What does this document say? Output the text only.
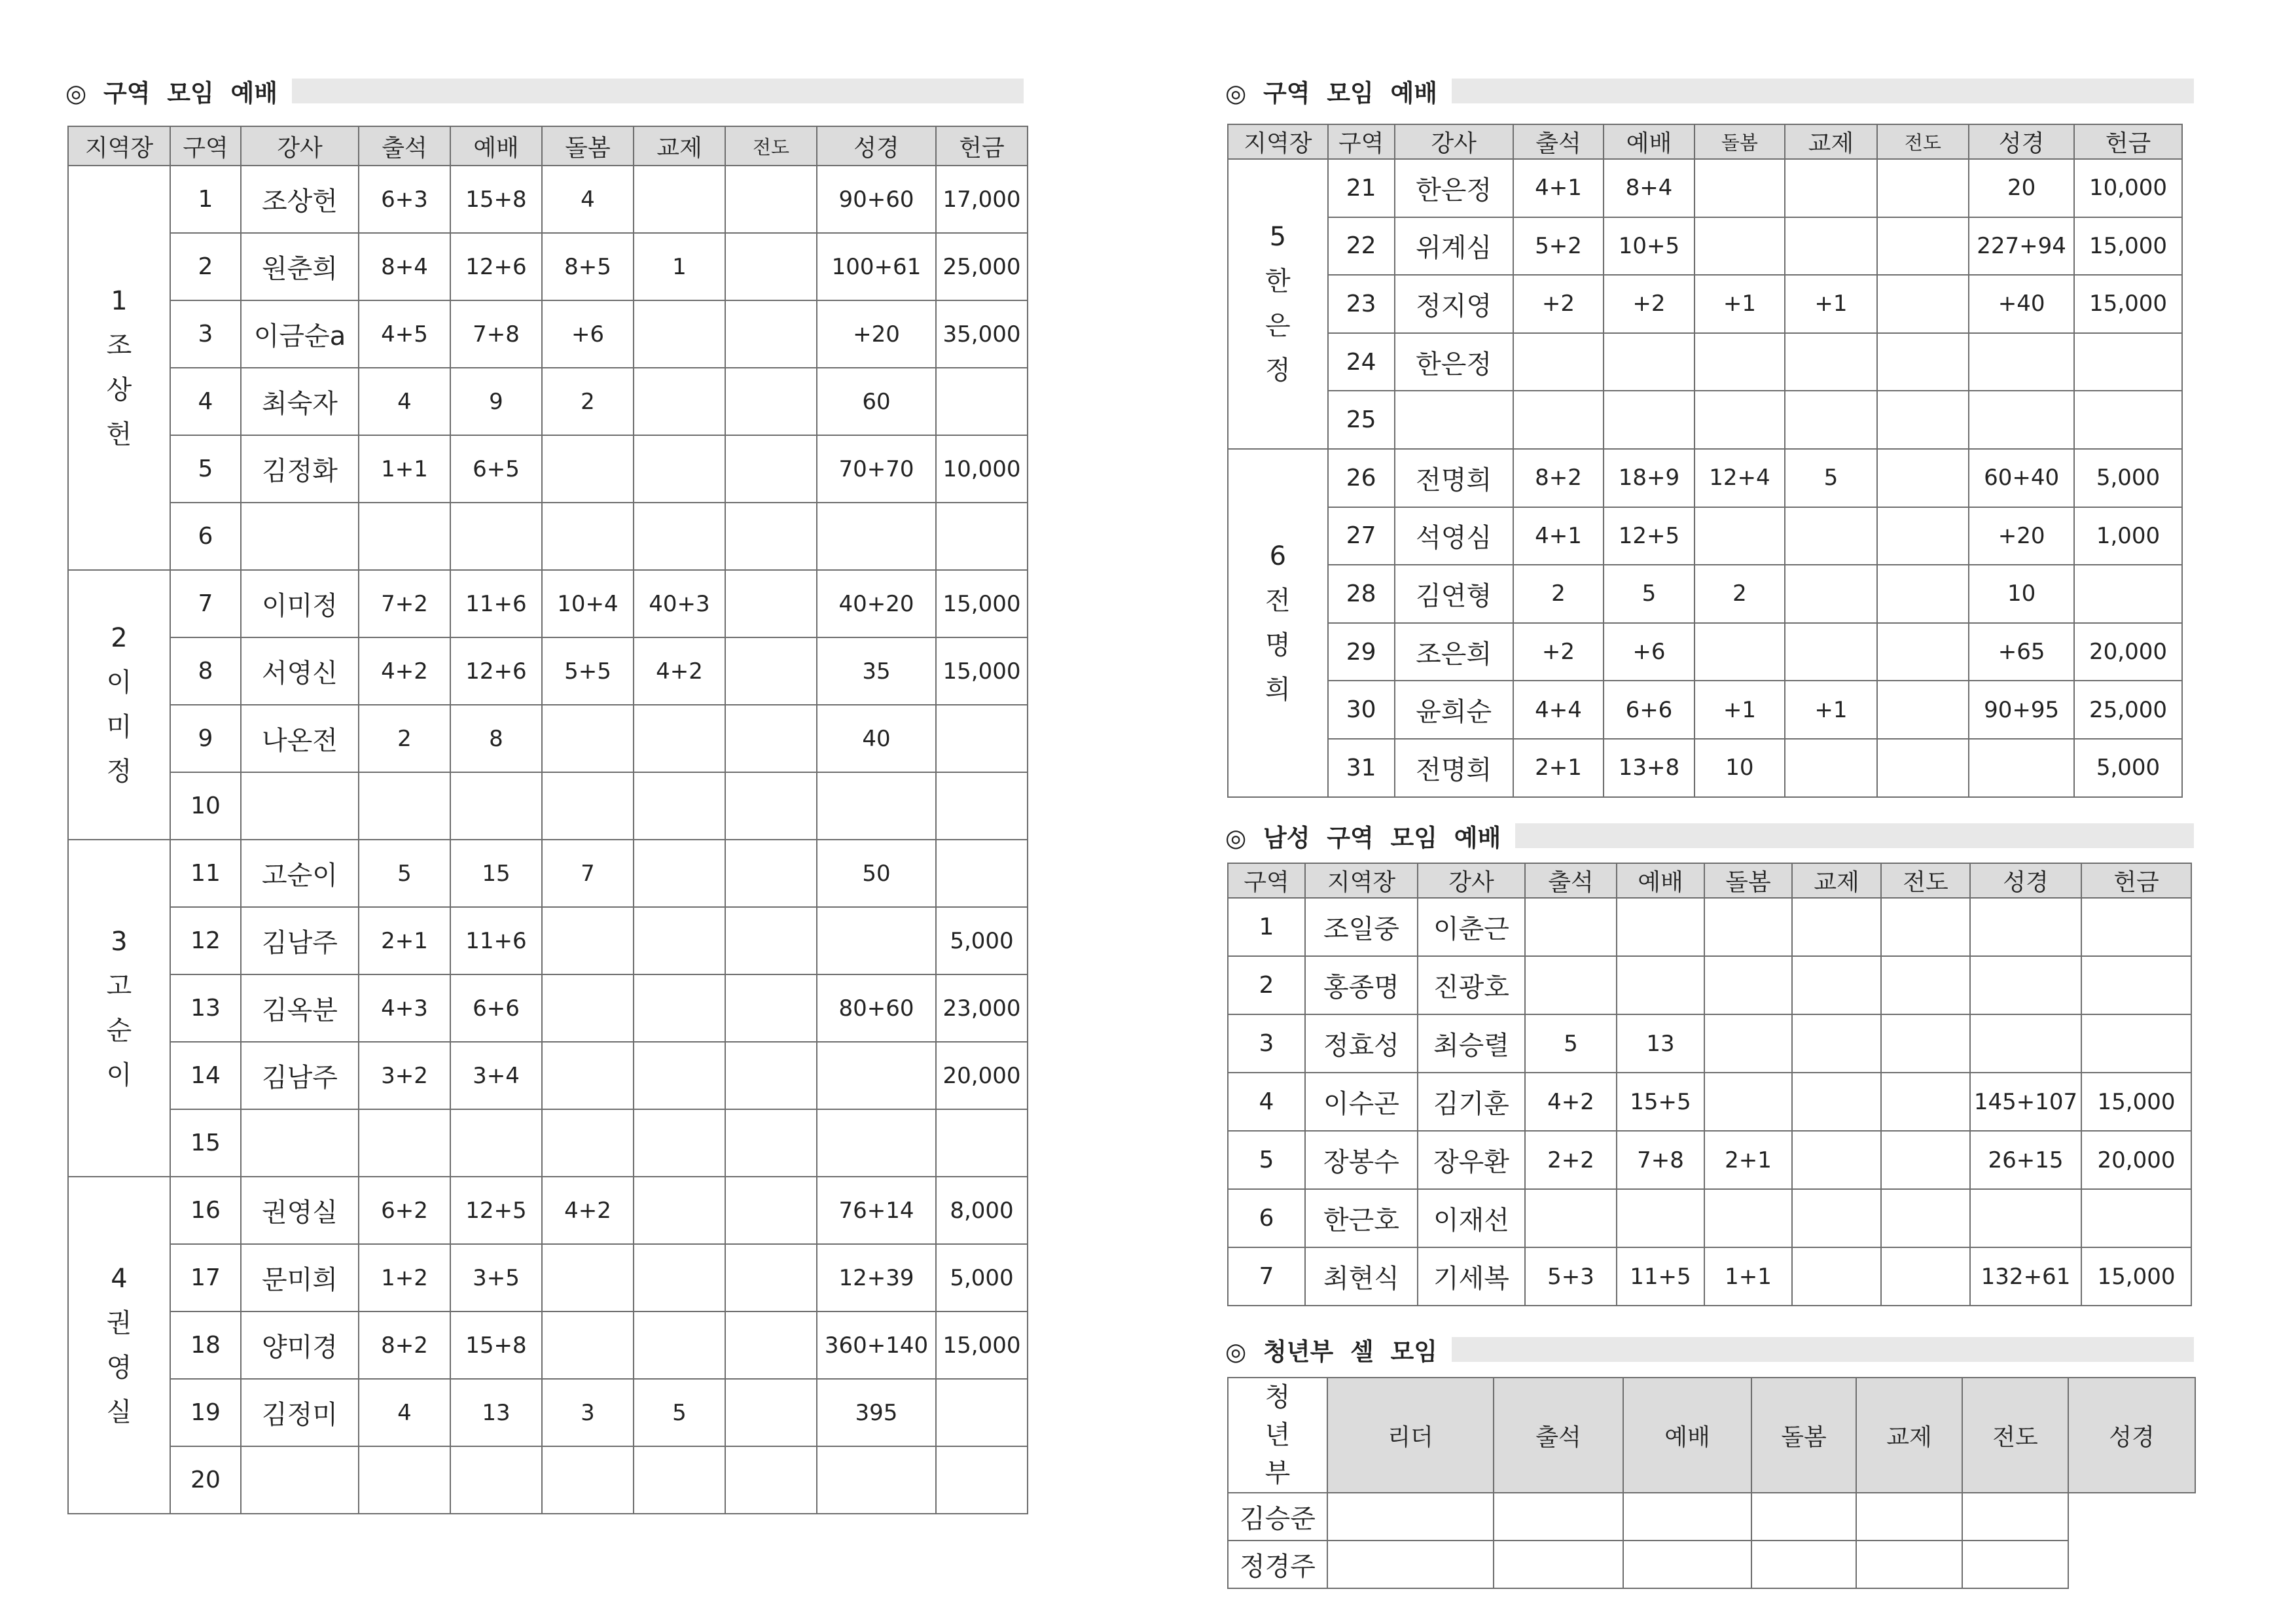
◎  구역  모임  예배
지역장	구역	강사	출석	예배	돌봄	교제	전도	성경	헌금

1
조
상
헌	1	조상헌	6+3	15+8	4			90+60	17,000
	2	원춘희	8+4	12+6	8+5	1		100+61	25,000
	3	이금순a	4+5	7+8	+6			+20	35,000
	4	최숙자	4	9	2			60	
	5	김정화	1+1	6+5				70+70	10,000
	6								

2
이
미
정	7	이미정	7+2	11+6	10+4	40+3		40+20	15,000
	8	서영신	4+2	12+6	5+5	4+2		35	15,000
	9	나온전	2	8				40	
	10								

3
고
순
이	11	고순이	5	15	7			50	
	12	김남주	2+1	11+6					5,000
	13	김옥분	4+3	6+6				80+60	23,000
	14	김남주	3+2	3+4					20,000
	15								

4
권
영
실	16	권영실	6+2	12+5	4+2			76+14	8,000
	17	문미희	1+2	3+5				12+39	5,000
	18	양미경	8+2	15+8				360+140	15,000
	19	김정미	4	13	3	5		395	
	20								
◎  구역  모임  예배
지역장	구역	강사	출석	예배	돌봄	교제	전도	성경	헌금

5
한
은
정	21	한은정	4+1	8+4				20	10,000
	22	위계심	5+2	10+5				227+94	15,000
	23	정지영	+2	+2	+1	+1		+40	15,000
	24	한은정							
	25								

6
전
명
희	26	전명희	8+2	18+9	12+4	5		60+40	5,000
	27	석영심	4+1	12+5				+20	1,000
	28	김연형	2	5	2			10	
	29	조은희	+2	+6				+65	20,000
	30	윤희순	4+4	6+6	+1	+1		90+95	25,000
	31	전명희	2+1	13+8	10				5,000
◎  남성  구역  모임  예배
구역	지역장	강사	출석	예배	돌봄	교제	전도	성경	헌금
1	조일중	이춘근							
2	홍종명	진광호							
3	정효성	최승렬	5	13					
4	이수곤	김기훈	4+2	15+5				145+107	15,000
5	장봉수	장우환	2+2	7+8	2+1			26+15	20,000
6	한근호	이재선							
7	최현식	기세복	5+3	11+5	1+1			132+61	15,000
◎  청년부  셀  모임
청
년
부	리더	출석	예배	돌봄	교제	전도	성경
김승준							
정경주							
